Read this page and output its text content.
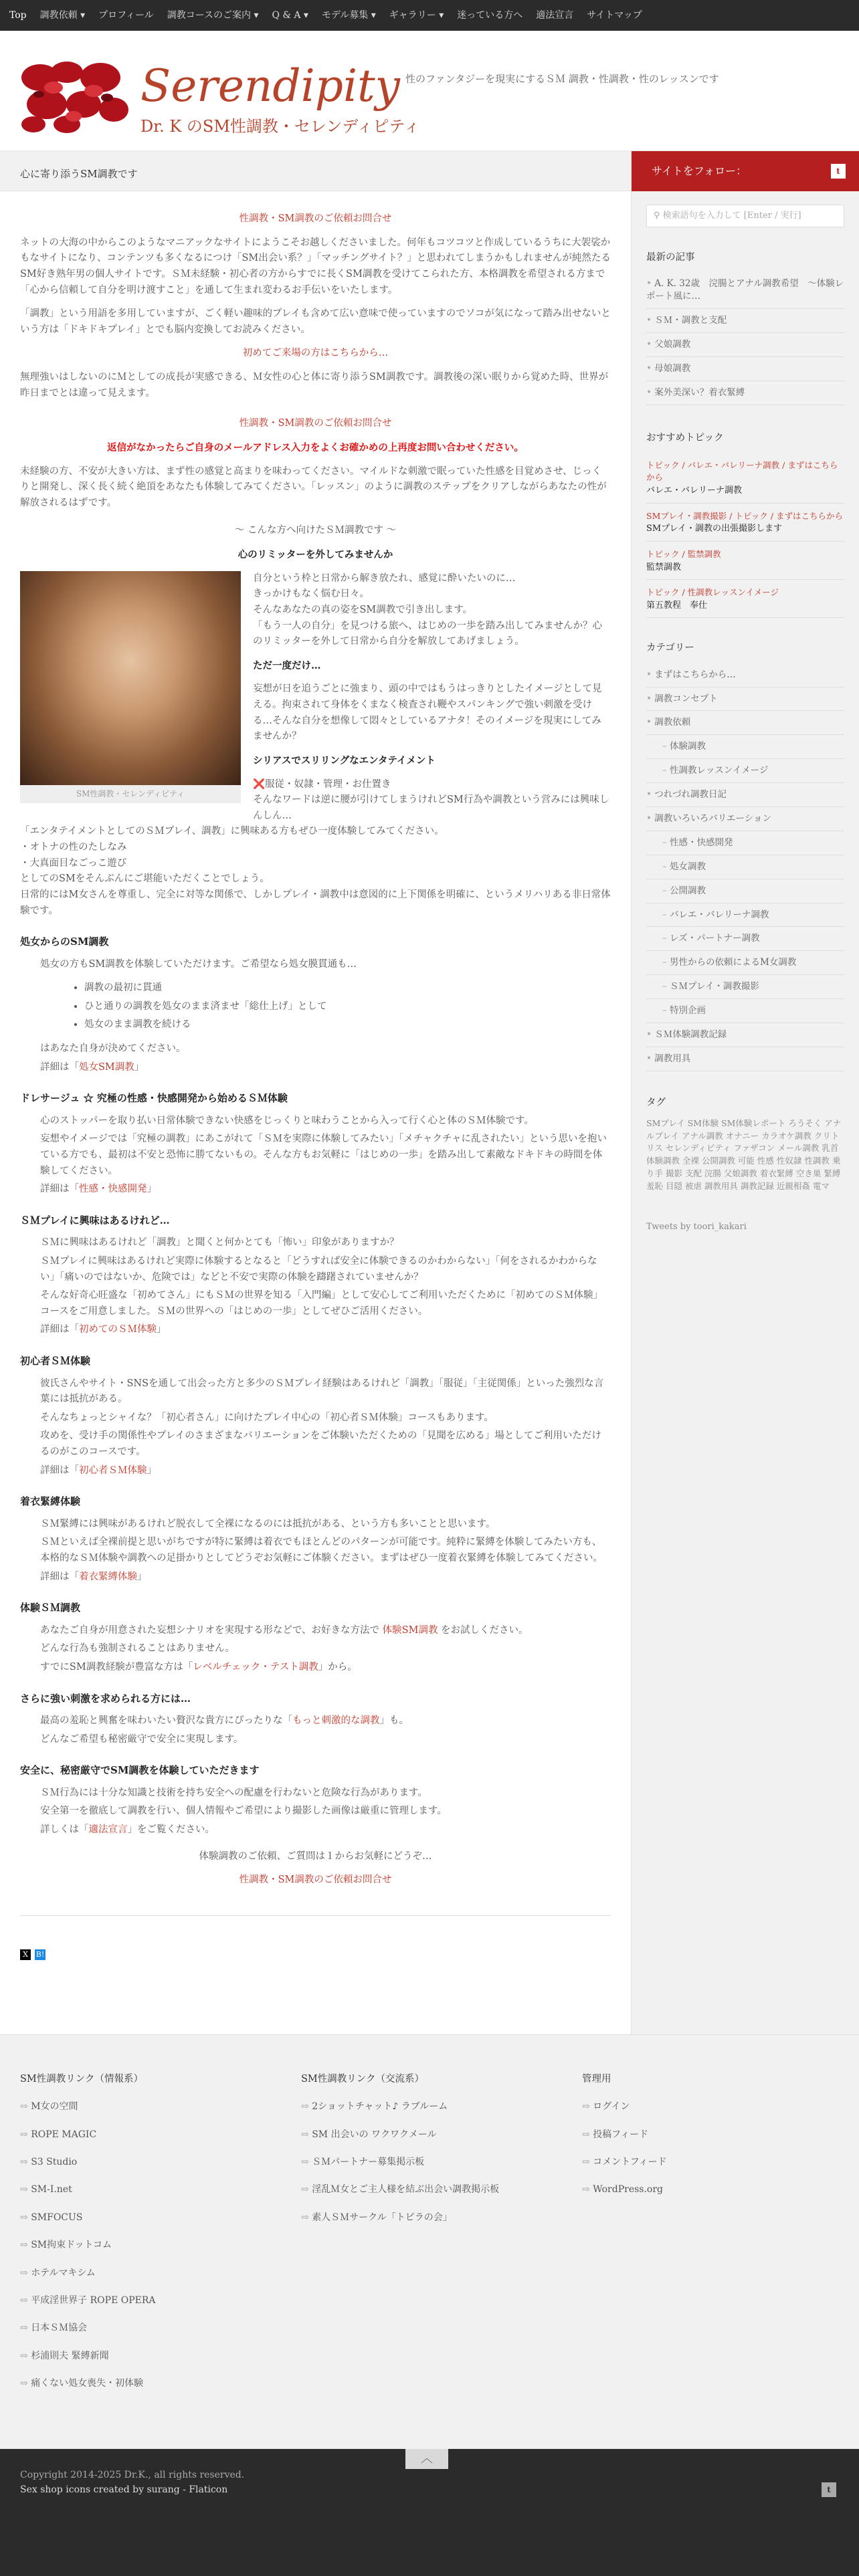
Top 調教依頼 ▾ プロフィール 調教コースのご案内 ▾ Q & A ▾ モデル募集 ▾ ギャラリー ▾ 迷っている方へ 適法宣言 サイトマップ
Serendipity
Dr. K のSM性調教・セレンディピティ
性のファンタジーを現実にするＳＭ 調教・性調教・性のレッスンです
心に寄り添うSM調教です

性調教・SM調教のご依頼お問合せ

ネットの大海の中からこのようなマニアックなサイトにようこそお越しくださいました。何年もコツコツと作成しているうちに大袈裟かもなサイトになり、コンテンツも多くなるにつけ「SM出会い系？」「マッチングサイト？」と思われてしまうかもしれませんが純然たるSM好き熟年男の個人サイトです。ＳＭ未経験・初心者の方からすでに長くSM調教を受けてこられた方、本格調教を希望される方まで「心から信頼して自分を明け渡すこと」を通して生まれ変わるお手伝いをいたします。

「調教」という用語を多用していますが、ごく軽い趣味的プレイも含めて広い意味で使っていますのでソコが気になって踏み出せないという方は「ドキドキプレイ」とでも脳内変換してお読みください。

初めてご来場の方はこちらから…

無理強いはしないのにＭとしての成長が実感できる、Ｍ女性の心と体に寄り添うSM調教です。調教後の深い眠りから覚めた時、世界が昨日までとは違って見えます。

性調教・SM調教のご依頼お問合せ

返信がなかったらご自身のメールアドレス入力をよくお確かめの上再度お問い合わせください。

未経験の方、不安が大きい方は、まず性の感覚と高まりを味わってください。マイルドな刺激で眠っていた性感を目覚めさせ、じっくりと開発し、深く長く続く絶頂をあなたも体験してみてください。「レッスン」のように調教のステップをクリアしながらあなたの性が解放されるはずです。

〜 こんな方へ向けたＳＭ調教です 〜

心のリミッターを外してみませんか

SM性調教・セレンディピティ

自分という枠と日常から解き放たれ、感覚に酔いたいのに…

きっかけもなく悩む日々。

そんなあなたの真の姿をSM調教で引き出します。

「もう一人の自分」を見つける旅へ、はじめの一歩を踏み出してみませんか？心のリミッターを外して日常から自分を解放してあげましょう。

ただ一度だけ…

妄想が日を追うごとに強まり、頭の中ではもうはっきりとしたイメージとして見える。拘束されて身体をくまなく検査され鞭やスパンキングで強い刺激を受ける…そんな自分を想像して悶々としているアナタ！そのイメージを現実にしてみませんか？

シリアスでスリリングなエンタテイメント

❌服従・奴隷・管理・お仕置き

そんなワードは逆に腰が引けてしまうけれどSM行為や調教という営みには興味しんしん…

「エンタテイメントとしてのＳＭプレイ、調教」に興味ある方もぜひ一度体験してみてください。

・オトナの性のたしなみ

・大真面目なごっこ遊び

としてのSMをそんぶんにご堪能いただくことでしょう。

日常的にはM女さんを尊重し、完全に対等な関係で、しかしプレイ・調教中は意図的に上下関係を明確に、というメリハリある非日常体験です。

処女からのSM調教

処女の方もSM調教を体験していただけます。ご希望なら処女膜貫通も…

• 調教の最初に貫通
• ひと通りの調教を処女のまま済ませ「総仕上げ」として
• 処女のまま調教を続ける

はあなた自身が決めてください。

詳細は「処女SM調教」

ドレサージュ ☆ 究極の性感・快感開発から始めるＳＭ体験

心のストッパーを取り払い日常体験できない快感をじっくりと味わうことから入って行く心と体のＳＭ体験です。

妄想やイメージでは「究極の調教」にあこがれて「ＳＭを実際に体験してみたい」「メチャクチャに乱されたい」という思いを抱いている方でも、最初は不安と恐怖に勝てないもの。そんな方もお気軽に「はじめの一歩」を踏み出して素敵なドキドキの時間を体験してください。

詳細は「性感・快感開発」

ＳＭプレイに興味はあるけれど…

ＳＭに興味はあるけれど「調教」と聞くと何かとても「怖い」印象がありますか？

ＳＭプレイに興味はあるけれど実際に体験するとなると「どうすれば安全に体験できるのかわからない」「何をされるかわからない」「痛いのではないか、危険では」などと不安で実際の体験を躊躇されていませんか？

そんな好奇心旺盛な「初めてさん」にもＳＭの世界を知る「入門編」として安心してご利用いただくために「初めてのＳＭ体験」コースをご用意しました。ＳＭの世界への「はじめの一歩」としてぜひご活用ください。

詳細は「初めてのＳＭ体験」

初心者ＳＭ体験

彼氏さんやサイト・SNSを通して出会った方と多少のＳＭプレイ経験はあるけれど「調教」「服従」「主従関係」といった強烈な言葉には抵抗がある。

そんなちょっとシャイな？「初心者さん」に向けたプレイ中心の「初心者ＳＭ体験」コースもあります。

攻めを、受け手の関係性やプレイのさまざまなバリエーションをご体験いただくための「見聞を広める」場としてご利用いただけるのがこのコースです。

詳細は「初心者ＳＭ体験」

着衣緊縛体験

ＳＭ緊縛には興味があるけれど脱衣して全裸になるのには抵抗がある、という方も多いことと思います。

ＳＭといえば全裸前提と思いがちですが特に緊縛は着衣でもほとんどのパターンが可能です。純粋に緊縛を体験してみたい方も、本格的なＳＭ体験や調教への足掛かりとしてどうぞお気軽にご体験ください。まずはぜひ一度着衣緊縛を体験してみてください。

詳細は「着衣緊縛体験」

体験ＳＭ調教

あなたご自身が用意された妄想シナリオを実現する形などで、お好きな方法で 体験SM調教 をお試しください。

どんな行為も強制されることはありません。

すでにSM調教経験が豊富な方は「レベルチェック・テスト調教」から。

さらに強い刺激を求められる方には…

最高の羞恥と興奮を味わいたい贅沢な貴方にぴったりな「もっと刺激的な調教」も。

どんなご希望も秘密厳守で安全に実現します。

安全に、秘密厳守でSM調教を体験していただきます

ＳＭ行為には十分な知識と技術を持ち安全への配慮を行わないと危険な行為があります。

安全第一を徹底して調教を行い、個人情報やご希望により撮影した画像は厳重に管理します。

詳しくは「適法宣言」をご覧ください。

体験調教のご依頼、ご質問は１からお気軽にどうぞ…

性調教・SM調教のご依頼お問合せ

X	B!
サイトをフォロー：	t
⚲ 検索語句を入力して [Enter / 実行]
最新の記事
• A. K. 32歳　浣腸とアナル調教希望　〜体験レポート風に…
• ＳＭ・調教と支配
• 父娘調教
• 母娘調教
• 案外美深い？着衣緊縛
おすすめトピック
トピック / バレエ・バレリーナ調教 / まずはこちらから
バレエ・バレリーナ調教
SMプレイ・調教撮影 / トピック / まずはこちらから
SMプレイ・調教の出張撮影します
トピック / 監禁調教
監禁調教
トピック / 性調教レッスンイメージ
第五教程　奉仕
カテゴリー
• まずはこちらから…
• 調教コンセプト
• 調教依頼
– 体験調教
– 性調教レッスンイメージ
• つれづれ調教日記
• 調教いろいろバリエーション
– 性感・快感開発
– 処女調教
– 公開調教
– バレエ・バレリーナ調教
– レズ・パートナー調教
– 男性からの依頼によるM女調教
– ＳＭプレイ・調教撮影
– 特別企画
• ＳＭ体験調教記録
• 調教用具
タグ
SMプレイ SM体験 SM体験レポート ろうそく アナルプレイ アナル調教 オナニー カラオケ調教 クリトリス セレンディピティ ファザコン メール調教 乳首 体験調教 全裸 公開調教 可能 性感 性奴隷 性調教 乗り手 撮影 支配 浣腸 父娘調教 着衣緊縛 空き巣 緊縛 羞恥 目隠 被虐 調教用具 調教記録 近親相姦 電マ
Tweets by toori_kakari
SM性調教リンク（情報系）
⇨ M女の空間
⇨ ROPE MAGIC
⇨ S3 Studio
⇨ SM-I.net
⇨ SMFOCUS
⇨ SM拘束ドットコム
⇨ ホテルマキシム
⇨ 平成淫世界子 ROPE OPERA
⇨ 日本ＳＭ協会
⇨ 杉浦則夫 緊縛新聞
⇨ 痛くない処女喪失・初体験
SM性調教リンク（交流系）
⇨ 2ショットチャット♪ ラブルーム
⇨ SM 出会いの ワクワクメール
⇨ ＳＭパートナー募集掲示板
⇨ 淫乱Ｍ女とご主人様を結ぶ出会い調教掲示板
⇨ 素人ＳＭサークル「トビラの会」
管理用
⇨ ログイン
⇨ 投稿フィード
⇨ コメントフィード
⇨ WordPress.org
︿
Copyright 2014-2025 Dr.K., all rights reserved.
Sex shop icons created by surang - Flaticon	t
